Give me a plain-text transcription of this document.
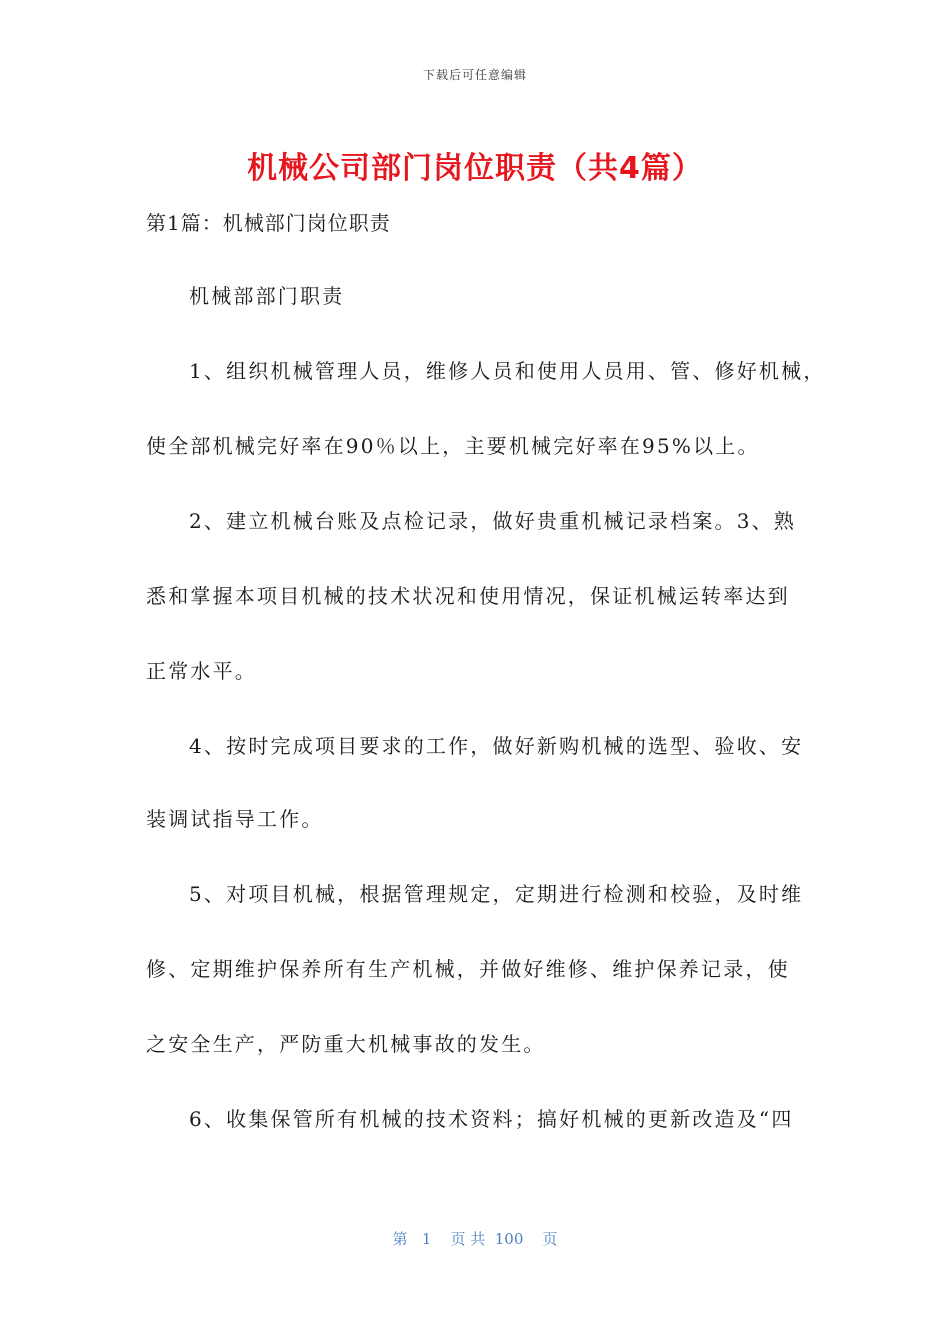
下载后可任意编辑
机械公司部门岗位职责（共4篇）
第1篇：机械部门岗位职责
机械部部门职责
1、组织机械管理人员，维修人员和使用人员用、管、修好机械，
使全部机械完好率在90％以上，主要机械完好率在95%以上。
2、建立机械台账及点检记录，做好贵重机械记录档案。3、熟
悉和掌握本项目机械的技术状况和使用情况，保证机械运转率达到
正常水平。
4、按时完成项目要求的工作，做好新购机械的选型、验收、安
装调试指导工作。
5、对项目机械，根据管理规定，定期进行检测和校验，及时维
修、定期维护保养所有生产机械，并做好维修、维护保养记录，使
之安全生产，严防重大机械事故的发生。
6、收集保管所有机械的技术资料；搞好机械的更新改造及“四
第   1    页 共  100    页
